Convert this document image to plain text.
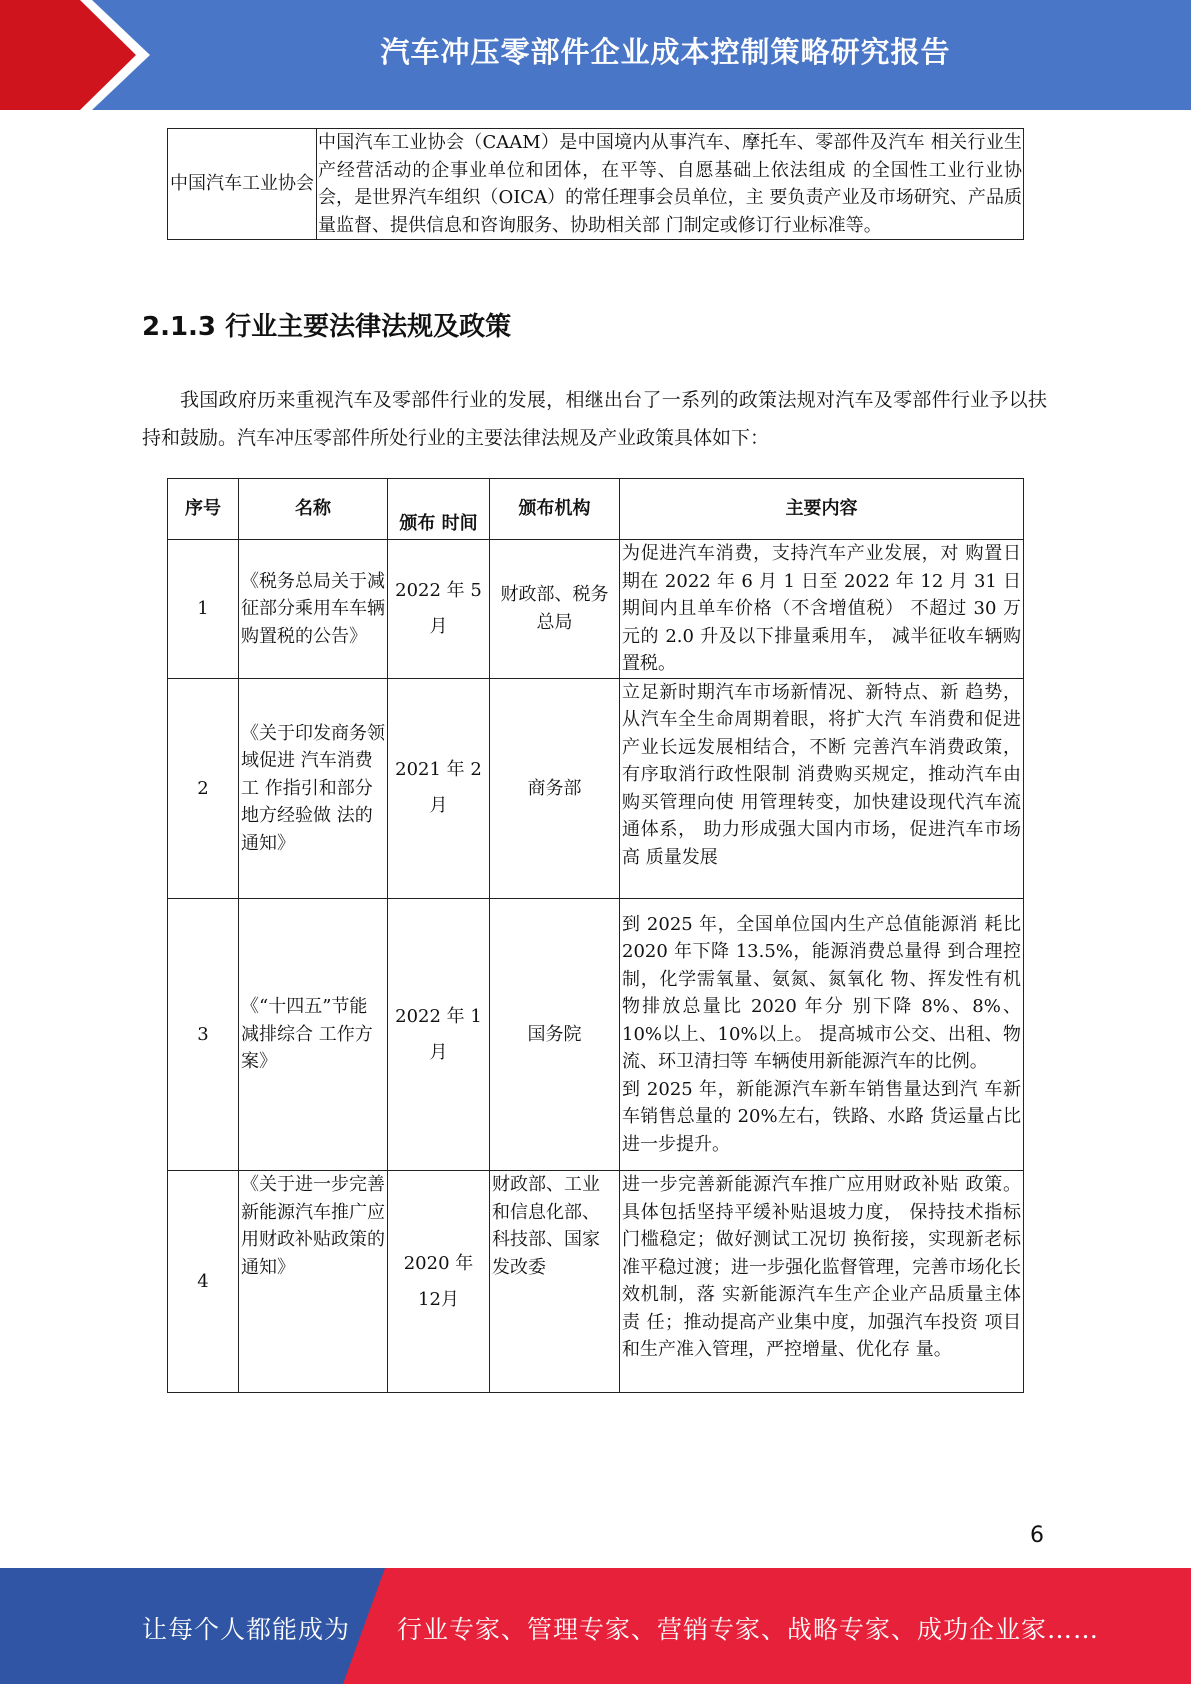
汽车冲压零部件企业成本控制策略研究报告
中国汽车工业协会	中国汽车工业协会（CAAM）是中国境内从事汽车、摩托车、零部件及汽车 相关行业生产经营活动的企事业单位和团体，在平等、自愿基础上依法组成 的全国性工业行业协会，是世界汽车组织（OICA）的常任理事会员单位，主 要负责产业及市场研究、产品质量监督、提供信息和咨询服务、协助相关部 门制定或修订行业标准等。
2.1.3 行业主要法律法规及政策

我国政府历来重视汽车及零部件行业的发展，相继出台了一系列的政策法规对汽车及零部件行业予以扶持和鼓励。汽车冲压零部件所处行业的主要法律法规及产业政策具体如下：

序号	名称	颁布 时间	颁布机构	主要内容
1	《税务总局关于减征部分乘用车车辆购置税的公告》	2022 年 5月	财政部、税务总局	为促进汽车消费，支持汽车产业发展，对 购置日期在 2022 年 6 月 1 日至 2022 年 12 月 31 日期间内且单车价格（不含增值税） 不超过 30 万元的 2.0 升及以下排量乘用车， 减半征收车辆购置税。
2	《关于印发商务领域促进 汽车消费工 作指引和部分 地方经验做 法的通知》	2021 年 2月	商务部	立足新时期汽车市场新情况、新特点、新 趋势，从汽车全生命周期着眼，将扩大汽 车消费和促进产业长远发展相结合，不断 完善汽车消费政策，有序取消行政性限制 消费购买规定，推动汽车由购买管理向使 用管理转变，加快建设现代汽车流通体系， 助力形成强大国内市场，促进汽车市场高 质量发展
3	《“十四五”节能减排综合 工作方案》	2022 年 1月	国务院	到 2025 年，全国单位国内生产总值能源消 耗比 2020 年下降 13.5%，能源消费总量得 到合理控制，化学需氧量、氨氮、氮氧化 物、挥发性有机物排放总量比 2020 年分 别下降 8%、8%、10%以上、10%以上。 提高城市公交、出租、物流、环卫清扫等 车辆使用新能源汽车的比例。
到 2025 年，新能源汽车新车销售量达到汽 车新车销售总量的 20%左右，铁路、水路 货运量占比进一步提升。

4	《关于进一步完善新能源汽车推广应用财政补贴政策的通知》	2020 年 12月	财政部、工业和信息化部、科技部、国家发改委	进一步完善新能源汽车推广应用财政补贴 政策。具体包括坚持平缓补贴退坡力度， 保持技术指标门槛稳定；做好测试工况切 换衔接，实现新老标准平稳过渡；进一步强化监督管理，完善市场化长效机制，落 实新能源汽车生产企业产品质量主体责 任；推动提高产业集中度，加强汽车投资 项目和生产准入管理，严控增量、优化存 量。
6
让每个人都能成为 行业专家、管理专家、营销专家、战略专家、成功企业家……
